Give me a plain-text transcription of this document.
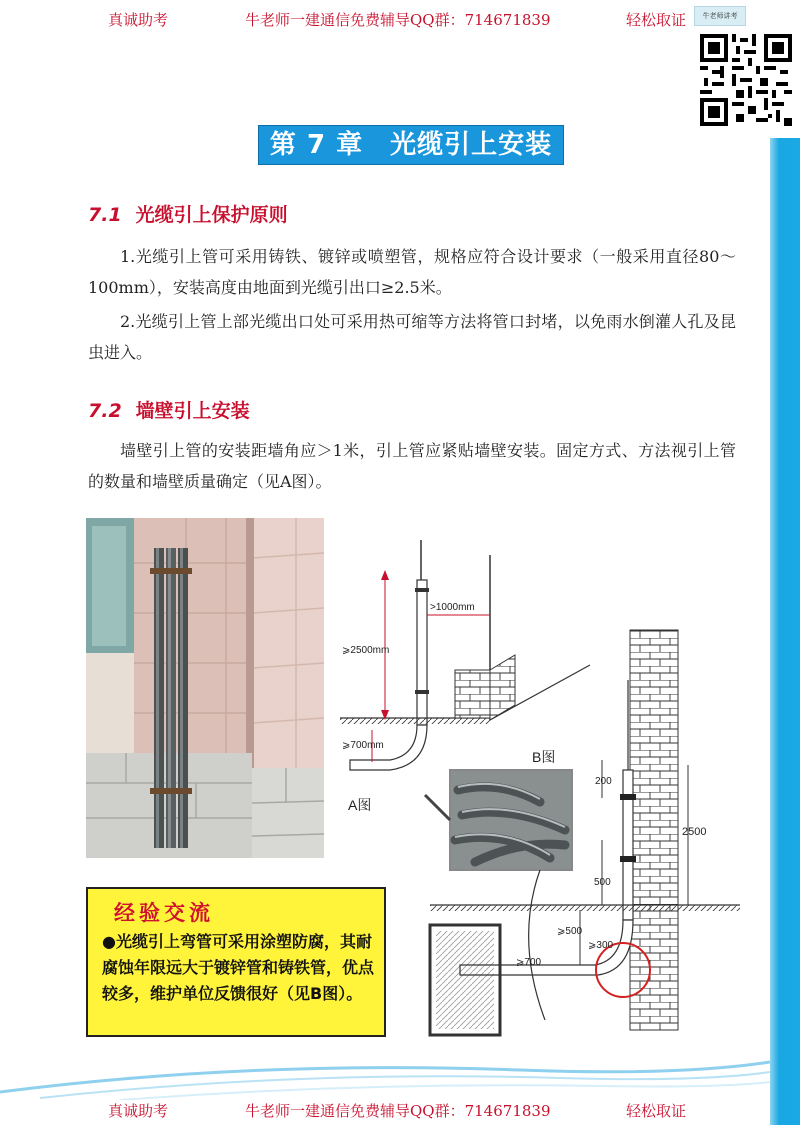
真诚助考	牛老师一建通信免费辅导QQ群：714671839	轻松取证	牛老师讲考
第 7 章　光缆引上安装
7.1 光缆引上保护原则
1.光缆引上管可采用铸铁、镀锌或喷塑管，规格应符合设计要求（一般采用直径80～100mm），安装高度由地面到光缆引出口≥2.5米。
2.光缆引上管上部光缆出口处可采用热可缩等方法将管口封堵，以免雨水倒灌人孔及昆虫进入。
7.2 墙壁引上安装
墙壁引上管的安装距墙角应＞1米，引上管应紧贴墙壁安装。固定方式、方法视引上管的数量和墙壁质量确定（见A图）。
>1000mm
⩾2500mm
⩾700mm
A图
B图
200
2500
500
⩾500
⩾300
⩾700
经验交流
●光缆引上弯管可采用涂塑防腐，其耐腐蚀年限远大于镀锌管和铸铁管，优点较多，维护单位反馈很好（见B图）。
真诚助考	牛老师一建通信免费辅导QQ群：714671839	轻松取证
